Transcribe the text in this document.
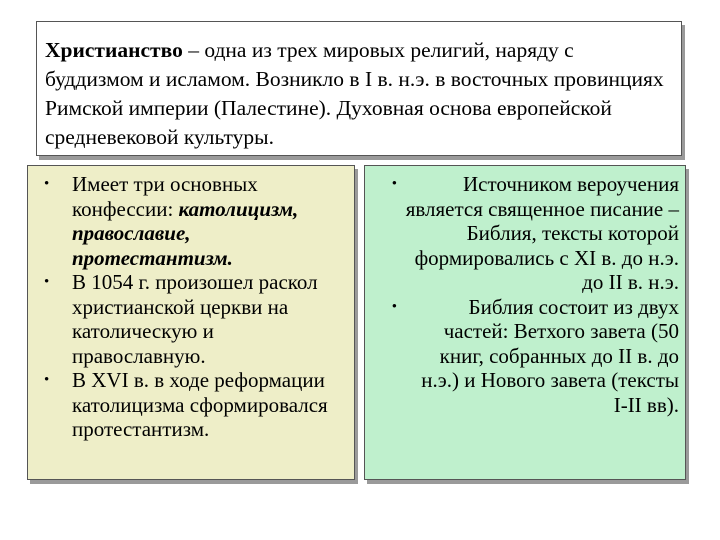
Христианство – одна из трех мировых религий, наряду с буддизмом и исламом. Возникло в I в. н.э. в восточных провинциях Римской империи (Палестине). Духовная основа европейской средневековой культуры.
•	Имеет три основных конфессии: католицизм, православие, протестантизм.
•	В 1054 г. произошел раскол христианской церкви на католическую и православную.
•	В XVI в. в ходе реформации католицизма сформировался протестантизм.
•	Источником вероучения является священное писание – Библия, тексты которой формировались с XI в. до н.э. до II в. н.э.
•	Библия состоит из двух частей: Ветхого завета (50 книг, собранных до II в. до н.э.) и Нового завета (тексты I-II вв).
